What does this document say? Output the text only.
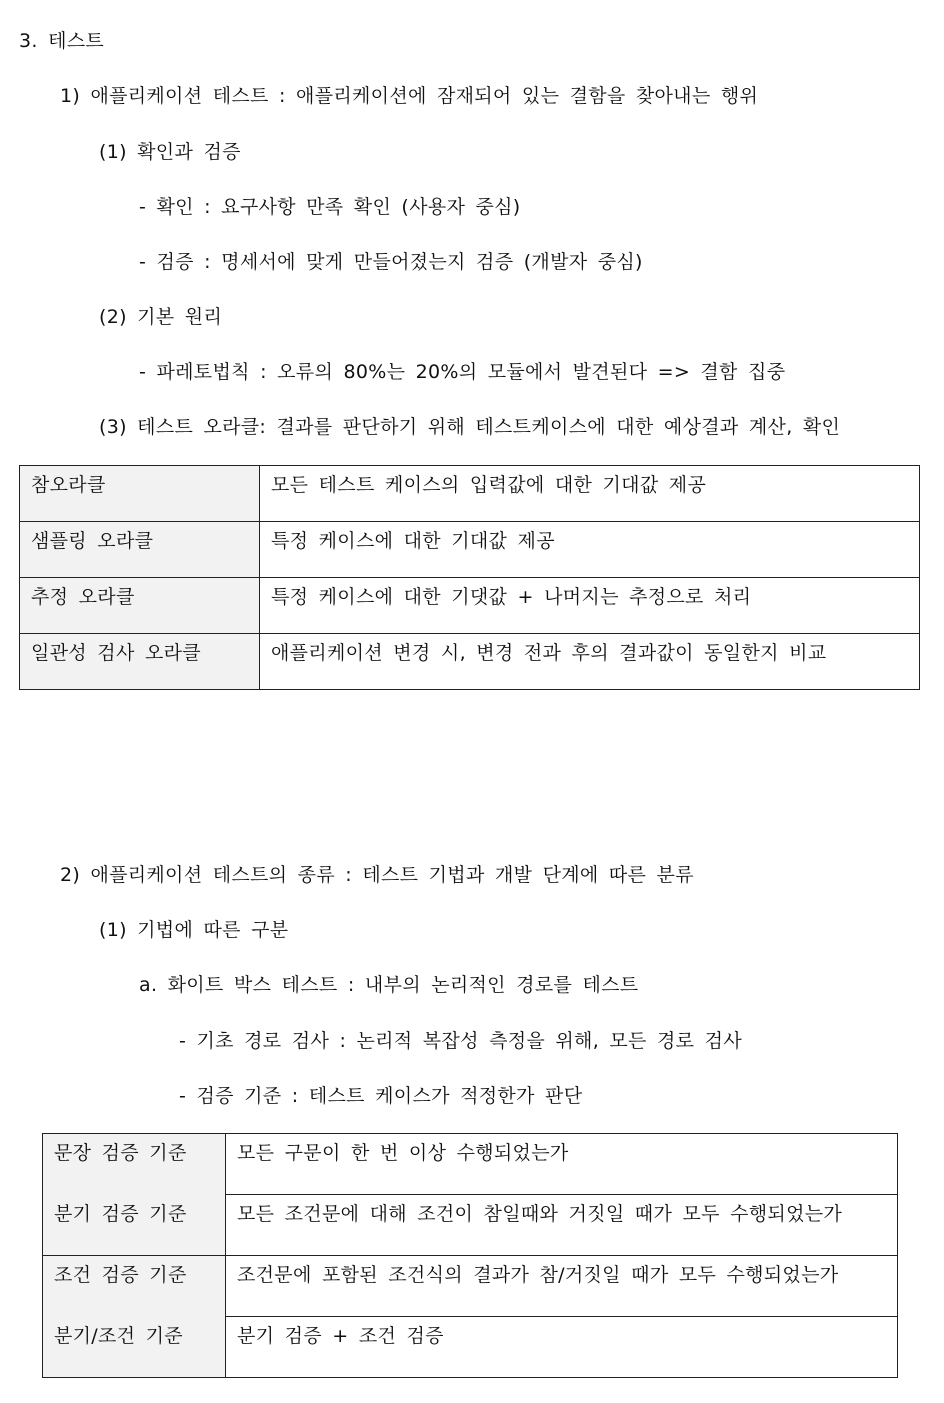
3. 테스트
1) 애플리케이션 테스트 : 애플리케이션에 잠재되어 있는 결함을 찾아내는 행위
(1) 확인과 검증
- 확인 : 요구사항 만족 확인 (사용자 중심)
- 검증 : 명세서에 맞게 만들어졌는지 검증 (개발자 중심)
(2) 기본 원리
- 파레토법칙 : 오류의 80%는 20%의 모듈에서 발견된다 => 결함 집중
(3) 테스트 오라클: 결과를 판단하기 위해 테스트케이스에 대한 예상결과 계산, 확인
참오라클	모든 테스트 케이스의 입력값에 대한 기대값 제공
샘플링 오라클	특정 케이스에 대한 기대값 제공
추정 오라클	특정 케이스에 대한 기댓값 + 나머지는 추정으로 처리
일관성 검사 오라클	애플리케이션 변경 시, 변경 전과 후의 결과값이 동일한지 비교
2) 애플리케이션 테스트의 종류 : 테스트 기법과 개발 단계에 따른 분류
(1) 기법에 따른 구분
a. 화이트 박스 테스트 : 내부의 논리적인 경로를 테스트
- 기초 경로 검사 : 논리적 복잡성 측정을 위해, 모든 경로 검사
- 검증 기준 : 테스트 케이스가 적정한가 판단
문장 검증 기준	모든 구문이 한 번 이상 수행되었는가
분기 검증 기준	모든 조건문에 대해 조건이 참일때와 거짓일 때가 모두 수행되었는가
조건 검증 기준	조건문에 포함된 조건식의 결과가 참/거짓일 때가 모두 수행되었는가
분기/조건 기준	분기 검증 + 조건 검증
